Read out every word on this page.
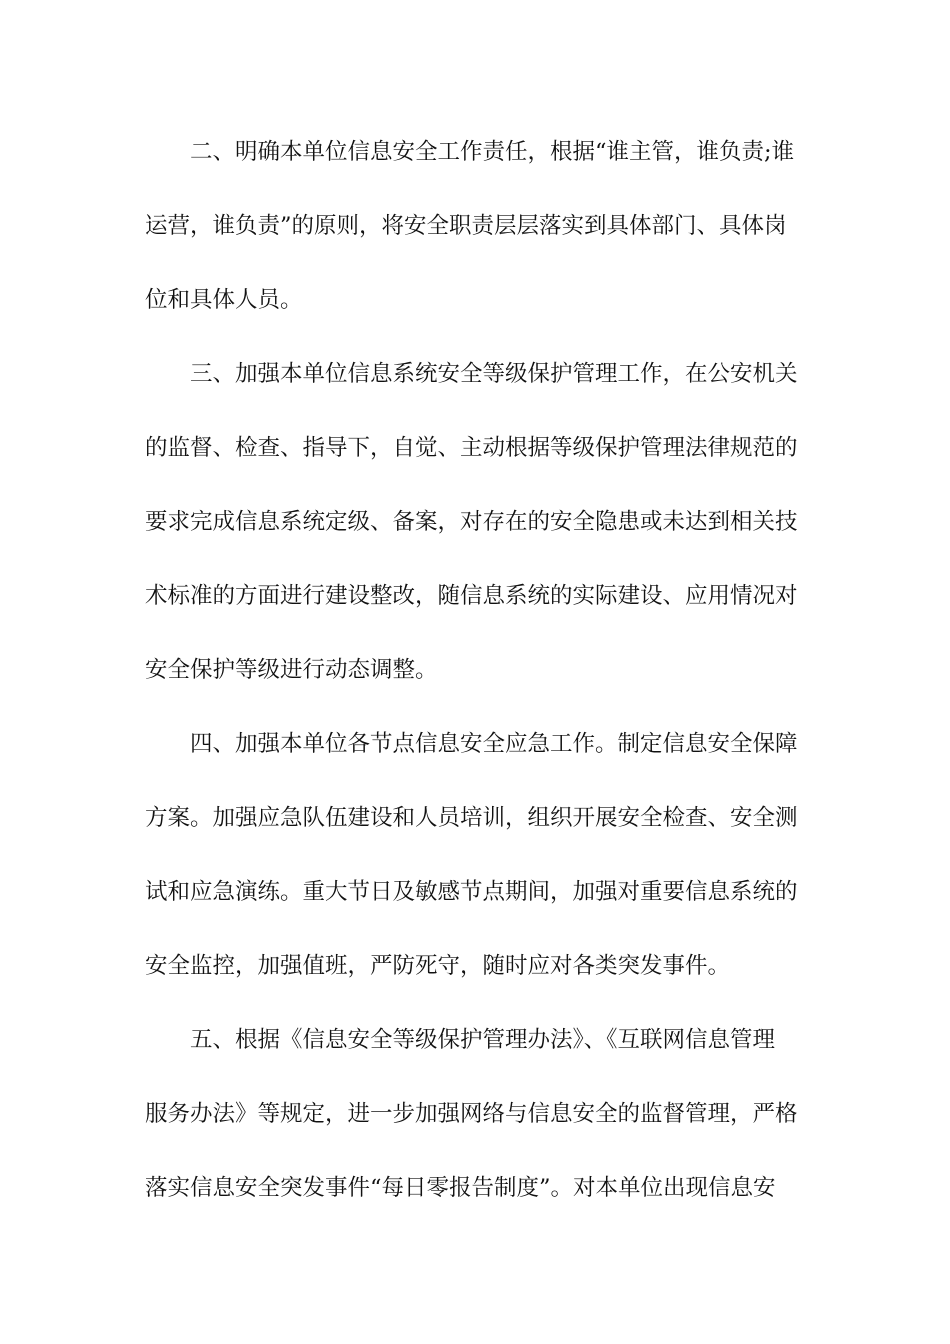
二、明确本单位信息安全工作责任，根据“谁主管，谁负责;谁
运营，谁负责”的原则，将安全职责层层落实到具体部门、具体岗
位和具体人员。
三、加强本单位信息系统安全等级保护管理工作，在公安机关
的监督、检查、指导下，自觉、主动根据等级保护管理法律规范的
要求完成信息系统定级、备案，对存在的安全隐患或未达到相关技
术标准的方面进行建设整改，随信息系统的实际建设、应用情况对
安全保护等级进行动态调整。
四、加强本单位各节点信息安全应急工作。制定信息安全保障
方案。加强应急队伍建设和人员培训，组织开展安全检查、安全测
试和应急演练。重大节日及敏感节点期间，加强对重要信息系统的
安全监控，加强值班，严防死守，随时应对各类突发事件。
五、根据《信息安全等级保护管理办法》、《互联网信息管理
服务办法》等规定，进一步加强网络与信息安全的监督管理，严格
落实信息安全突发事件“每日零报告制度”。对本单位出现信息安
